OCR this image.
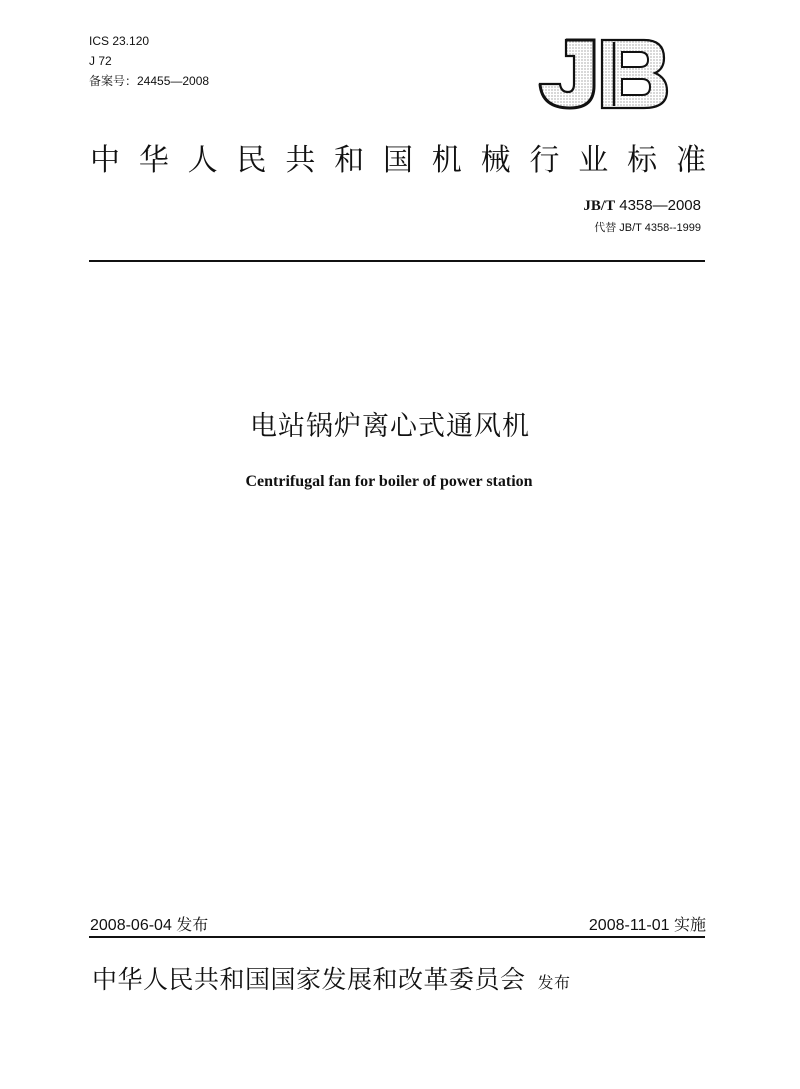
ICS 23.120
J 72
备案号：24455—2008
中 华 人 民 共 和 国 机 械 行 业 标 准
JB/T 4358—2008
代替 JB/T 4358--1999
电站锅炉离心式通风机
Centrifugal fan for boiler of power station
2008-06-04 发布	2008-11-01 实施
中华人民共和国国家发展和改革委员会 发布
